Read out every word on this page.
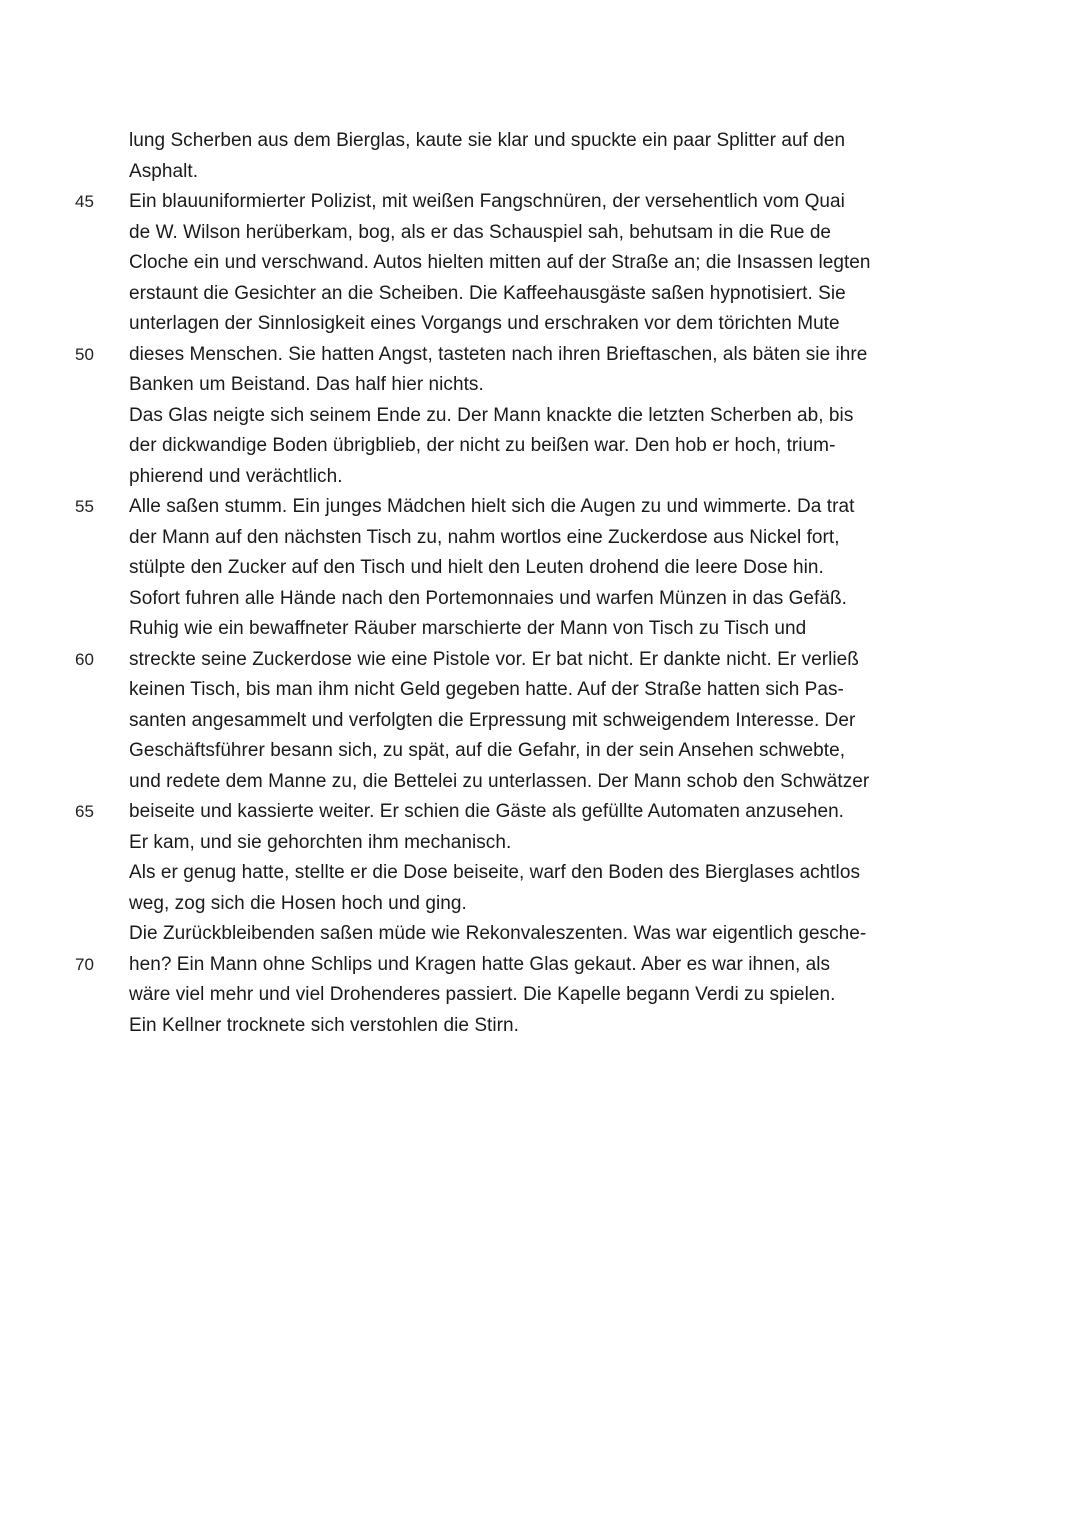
lung Scherben aus dem Bierglas, kaute sie klar und spuckte ein paar Splitter auf den
Asphalt.
45	Ein blauuniformierter Polizist, mit weißen Fangschnüren, der versehentlich vom Quai
de W. Wilson herüberkam, bog, als er das Schauspiel sah, behutsam in die Rue de
Cloche ein und verschwand. Autos hielten mitten auf der Straße an; die Insassen legten
erstaunt die Gesichter an die Scheiben. Die Kaffeehausgäste saßen hypnotisiert. Sie
unterlagen der Sinnlosigkeit eines Vorgangs und erschraken vor dem törichten Mute
50	dieses Menschen. Sie hatten Angst, tasteten nach ihren Brieftaschen, als bäten sie ihre
Banken um Beistand. Das half hier nichts.
Das Glas neigte sich seinem Ende zu. Der Mann knackte die letzten Scherben ab, bis
der dickwandige Boden übrigblieb, der nicht zu beißen war. Den hob er hoch, trium-
phierend und verächtlich.
55	Alle saßen stumm. Ein junges Mädchen hielt sich die Augen zu und wimmerte. Da trat
der Mann auf den nächsten Tisch zu, nahm wortlos eine Zuckerdose aus Nickel fort,
stülpte den Zucker auf den Tisch und hielt den Leuten drohend die leere Dose hin.
Sofort fuhren alle Hände nach den Portemonnaies und warfen Münzen in das Gefäß.
Ruhig wie ein bewaffneter Räuber marschierte der Mann von Tisch zu Tisch und
60	streckte seine Zuckerdose wie eine Pistole vor. Er bat nicht. Er dankte nicht. Er verließ
keinen Tisch, bis man ihm nicht Geld gegeben hatte. Auf der Straße hatten sich Pas-
santen angesammelt und verfolgten die Erpressung mit schweigendem Interesse. Der
Geschäftsführer besann sich, zu spät, auf die Gefahr, in der sein Ansehen schwebte,
und redete dem Manne zu, die Bettelei zu unterlassen. Der Mann schob den Schwätzer
65	beiseite und kassierte weiter. Er schien die Gäste als gefüllte Automaten anzusehen.
Er kam, und sie gehorchten ihm mechanisch.
Als er genug hatte, stellte er die Dose beiseite, warf den Boden des Bierglases achtlos
weg, zog sich die Hosen hoch und ging.
Die Zurückbleibenden saßen müde wie Rekonvaleszenten. Was war eigentlich gesche-
70	hen? Ein Mann ohne Schlips und Kragen hatte Glas gekaut. Aber es war ihnen, als
wäre viel mehr und viel Drohenderes passiert. Die Kapelle begann Verdi zu spielen.
Ein Kellner trocknete sich verstohlen die Stirn.
